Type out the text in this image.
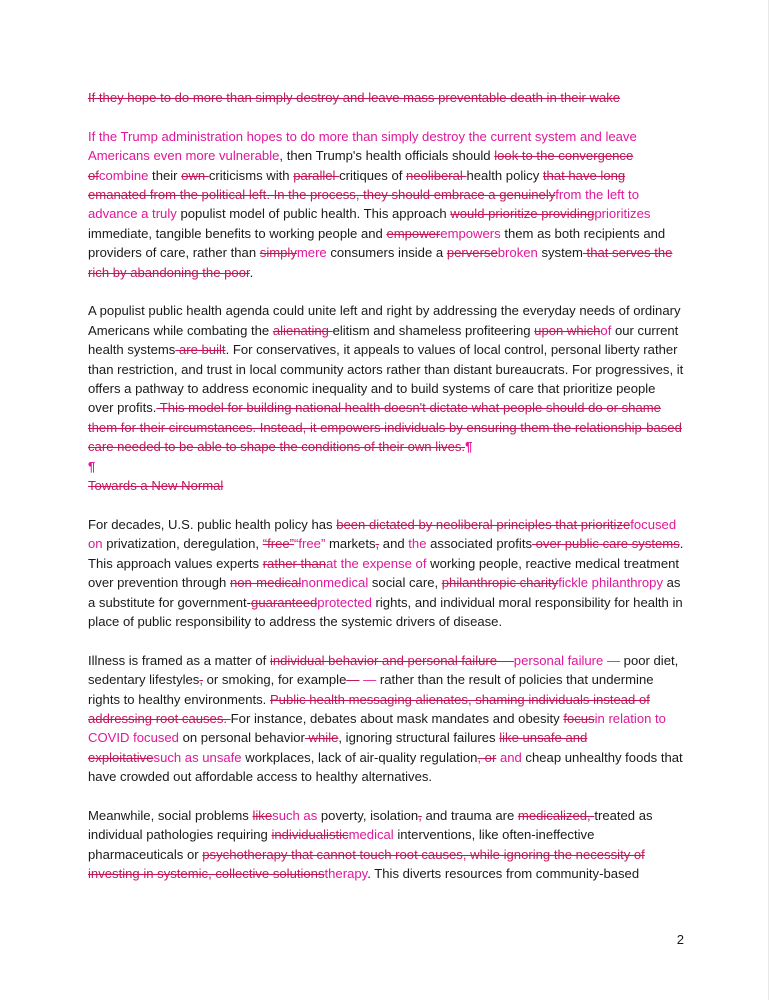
If they hope to do more than simply destroy and leave mass preventable death in their wake

If the Trump administration hopes to do more than simply destroy the current system and leave Americans even more vulnerable, then Trump's health officials should look to the convergence ofcombine their own criticisms with parallel critiques of neoliberal health policy that have long emanated from the political left. In the process, they should embrace a genuinelyfrom the left to advance a truly populist model of public health. This approach would prioritize providingprioritizes immediate, tangible benefits to working people and empowerempowers them as both recipients and providers of care, rather than simplymere consumers inside a perversebroken system that serves the rich by abandoning the poor.

A populist public health agenda could unite left and right by addressing the everyday needs of ordinary Americans while combating the alienating elitism and shameless profiteering upon whichof our current health systems are built. For conservatives, it appeals to values of local control, personal liberty rather than restriction, and trust in local community actors rather than distant bureaucrats. For progressives, it offers a pathway to address economic inequality and to build systems of care that prioritize people over profits. This model for building national health doesn't dictate what people should do or shame them for their circumstances. Instead, it empowers individuals by ensuring them the relationship-based care needed to be able to shape the conditions of their own lives.¶

¶

Towards a New Normal

For decades, U.S. public health policy has been dictated by neoliberal principles that prioritizefocused on privatization, deregulation, “free”“free” markets, and the associated profits over public care systems. This approach values experts rather thanat the expense of working people, reactive medical treatment over prevention through non-medicalnonmedical social care, philanthropic charityfickle philanthropy as a substitute for government-guaranteedprotected rights, and individual moral responsibility for health in place of public responsibility to address the systemic drivers of disease.

Illness is framed as a matter of individual behavior and personal failure —personal failure — poor diet, sedentary lifestyles, or smoking, for example— — rather than the result of policies that undermine rights to healthy environments. Public health messaging alienates, shaming individuals instead of addressing root causes. For instance, debates about mask mandates and obesity focusin relation to COVID focused on personal behavior while, ignoring structural failures like unsafe and exploitativesuch as unsafe workplaces, lack of air-quality regulation, or and cheap unhealthy foods that have crowded out affordable access to healthy alternatives.

Meanwhile, social problems likesuch as poverty, isolation, and trauma are medicalized, treated as individual pathologies requiring individualisticmedical interventions, like often-ineffective pharmaceuticals or psychotherapy that cannot touch root causes, while ignoring the necessity of investing in systemic, collective solutionstherapy. This diverts resources from community-based

2
